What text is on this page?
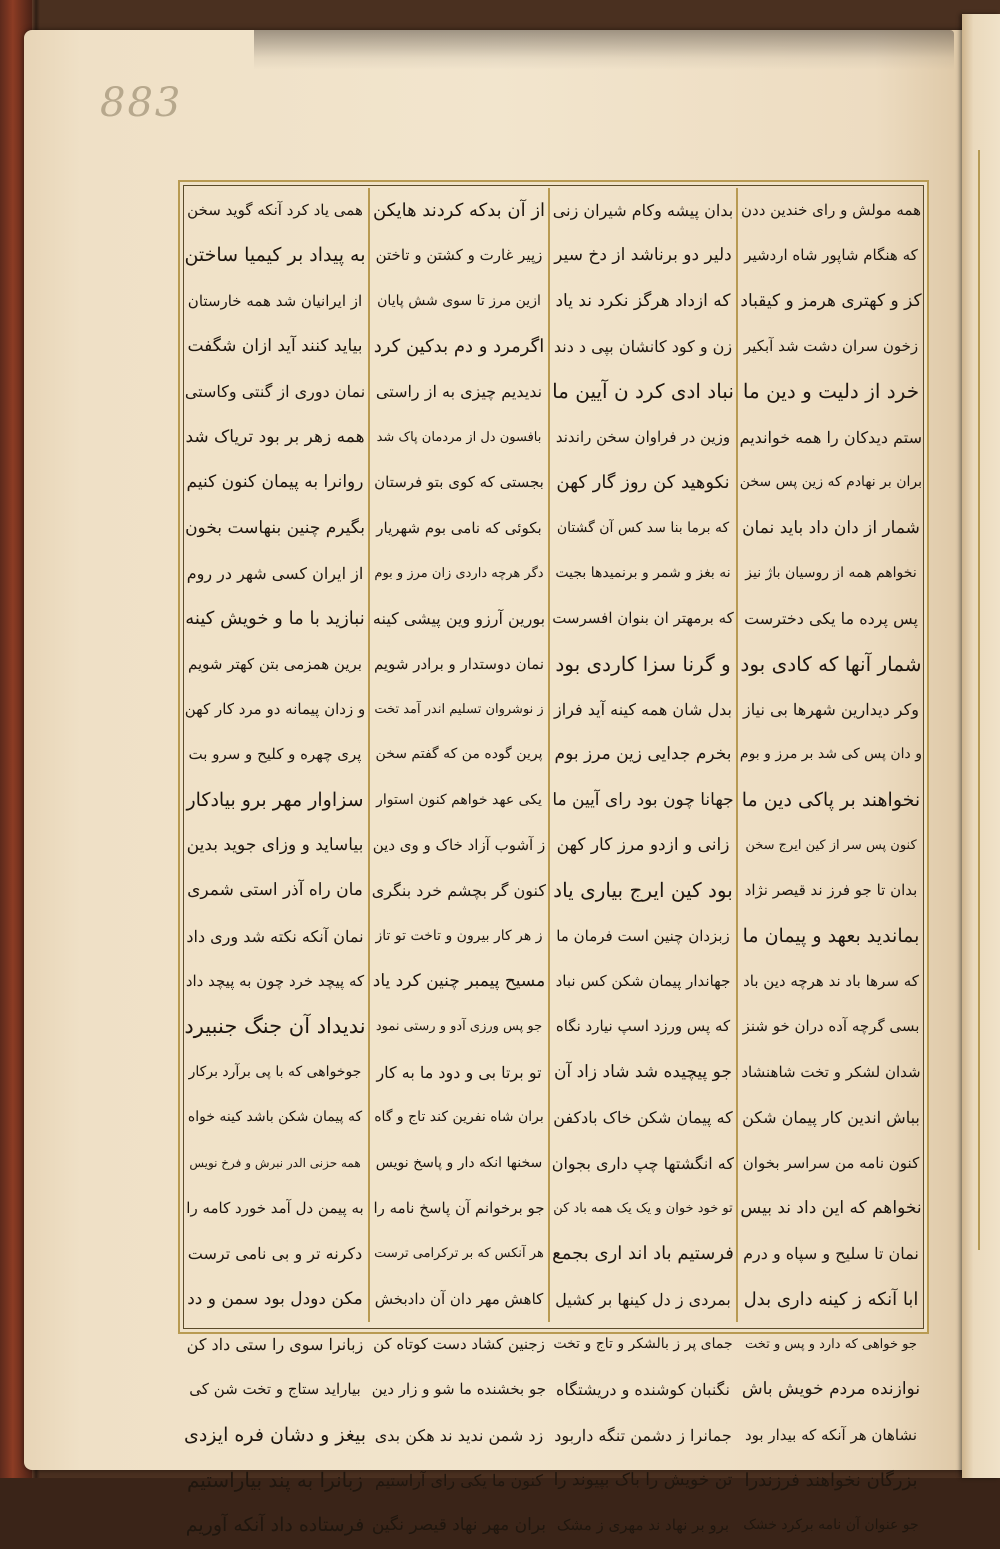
883
همه مولش و رای خندین ددن
که هنگام شاپور شاه اردشیر
کز و کهتری هرمز و کیقباد
زخون سران دشت شد آبکیر
خرد از دلیت و دین ما
ستم دیدکان را همه خواندیم
بران بر نهادم که زین پس سخن
شمار از دان داد باید نمان
نخواهم همه از روسیان باژ نیز
پس پرده ما یکی دخترست
شمار آنها که کادی بود
وکر دیدارین شهرها بی نیاز
و دان پس کی شد بر مرز و بوم
نخواهند بر پاکی دین ما
کنون پس سر از کین ایرج سخن
بدان تا جو فرز ند قیصر نژاد
بماندید بعهد و پیمان ما
که سرها باد ند هرچه دین باد
بسی گرچه آده دران خو شنز
شدان لشکر و تخت شاهنشاد
بباش اندین کار پیمان شکن
کنون نامه من سراسر بخوان
نخواهم که این داد ند بیس
نمان تا سلیح و سپاه و درم
ابا آنکه ز کینه داری بدل
جو خواهی که دارد و پس و تخت
نوازنده مردم خویش باش
نشاهان هر آنکه که بیدار بود
بزرگان نخواهند فرزندرا
جو عنوان آن نامه برکرد خشک
بدان پیشه وکام شیران زنی
دلیر دو برناشد از دخ سیر
که ازداد هرگز نکرد ند یاد
زن و کود کانشان بپی د دند
نباد ادی کرد ن آیین ما
وزین در فراوان سخن راندند
نکوهید کن روز گار کهن
که برما بنا سد کس آن گشتان
نه بغز و شمر و برنمیدها بجیت
که برمهتر ان بنوان افسرست
و گرنا سزا کاردی بود
بدل شان همه کینه آید فراز
بخرم جدایی زین مرز بوم
جهانا چون بود رای آیین ما
زانی و ازدو مرز کار کهن
بود کین ایرج بیاری یاد
زبزدان چنین است فرمان ما
جهاندار پیمان شکن کس نباد
که پس ورزد اسپ نیارد نگاه
جو پیچیده شد شاد زاد آن
که پیمان شکن خاک بادکفن
که انگشتها چپ داری بجوان
تو خود خوان و یک یک همه باد کن
فرستیم باد اند اری بجمع
بمردی ز دل کینها بر کشیل
جمای پر ز بالشکر و تاج و تخت
نگنبان کوشنده و دریشتگاه
جمانرا ز دشمن تنگه داربود
تن خویش را باک بپیوند را
برو بر نهاد ند مهری ز مشک
از آن بدکه کردند هایکن
زپیر غارت و کشتن و تاختن
ازین مرز تا سوی شش پایان
اگرمرد و دم بدکین کرد
ندیدیم چیزی به از راستی
بافسون دل از مردمان پاک شد
بجستی که کوی بتو فرستان
بکوئی که نامی بوم شهریار
دگر هرچه داردی زان مرز و بوم
بورین آرزو وین پیشی کینه
نمان دوستدار و برادر شویم
ز نوشروان تسلیم اندر آمد تخت
پرین گوده من که گفتم سخن
یکی عهد خواهم کنون استوار
ز آشوب آزاد خاک و وی دین
کنون گر بچشم خرد بنگری
ز هر کار بیرون و تاخت تو تاز
مسیح پیمبر چنین کرد یاد
جو پس ورزی آدو و رستی نمود
تو برتا بی و دود ما به کار
بران شاه نفرین کند تاج و گاه
سخنها انکه دار و پاسخ نویس
جو برخوانم آن پاسخ نامه را
هر آنکس که بر ترکرامی ترست
کاهش مهر دان آن دادبخش
زجنین کشاد دست کوتاه کن
جو بخشنده ما شو و زار دین
زد شمن ندید ند هکن بدی
کنون ما یکی رای آراستیم
بران مهر نهاد قیصر نگین
همی یاد کرد آنکه گوید سخن
به پیداد بر کیمیا ساختن
از ایرانیان شد همه خارستان
بیاید کنند آید ازان شگفت
نمان دوری از گنتی وکاستی
همه زهر بر بود تریاک شد
روانرا به پیمان کنون کنیم
بگیرم چنین بنهاست بخون
از ایران کسی شهر در روم
نبازید با ما و خویش کینه
برین همزمی بتن کهتر شویم
و زدان پیمانه دو مرد کار کهن
پری چهره و کلیح و سرو بت
سزاوار مهر برو بیادکار
بیاساید و وزای جوید بدین
مان راه آذر استی شمری
نمان آنکه نکته شد وری داد
که پیچد خرد چون به پیچد داد
ندیداد آن جنگ جنبیرد
جوخواهی که با پی برآرد برکار
که پیمان شکن باشد کینه خواه
همه حزنی الدر نبرش و فرخ نویس
به پیمن دل آمد خورد کامه را
دکرنه تر و بی نامی ترست
مکن دودل بود سمن و دد
زبانرا سوی را ستی داد کن
بیاراید ستاج و تخت شن کی
بیغز و دشان فره ایزدی
زبانرا به پند بیاراستیم
فرستاده داد آنکه آوریم
